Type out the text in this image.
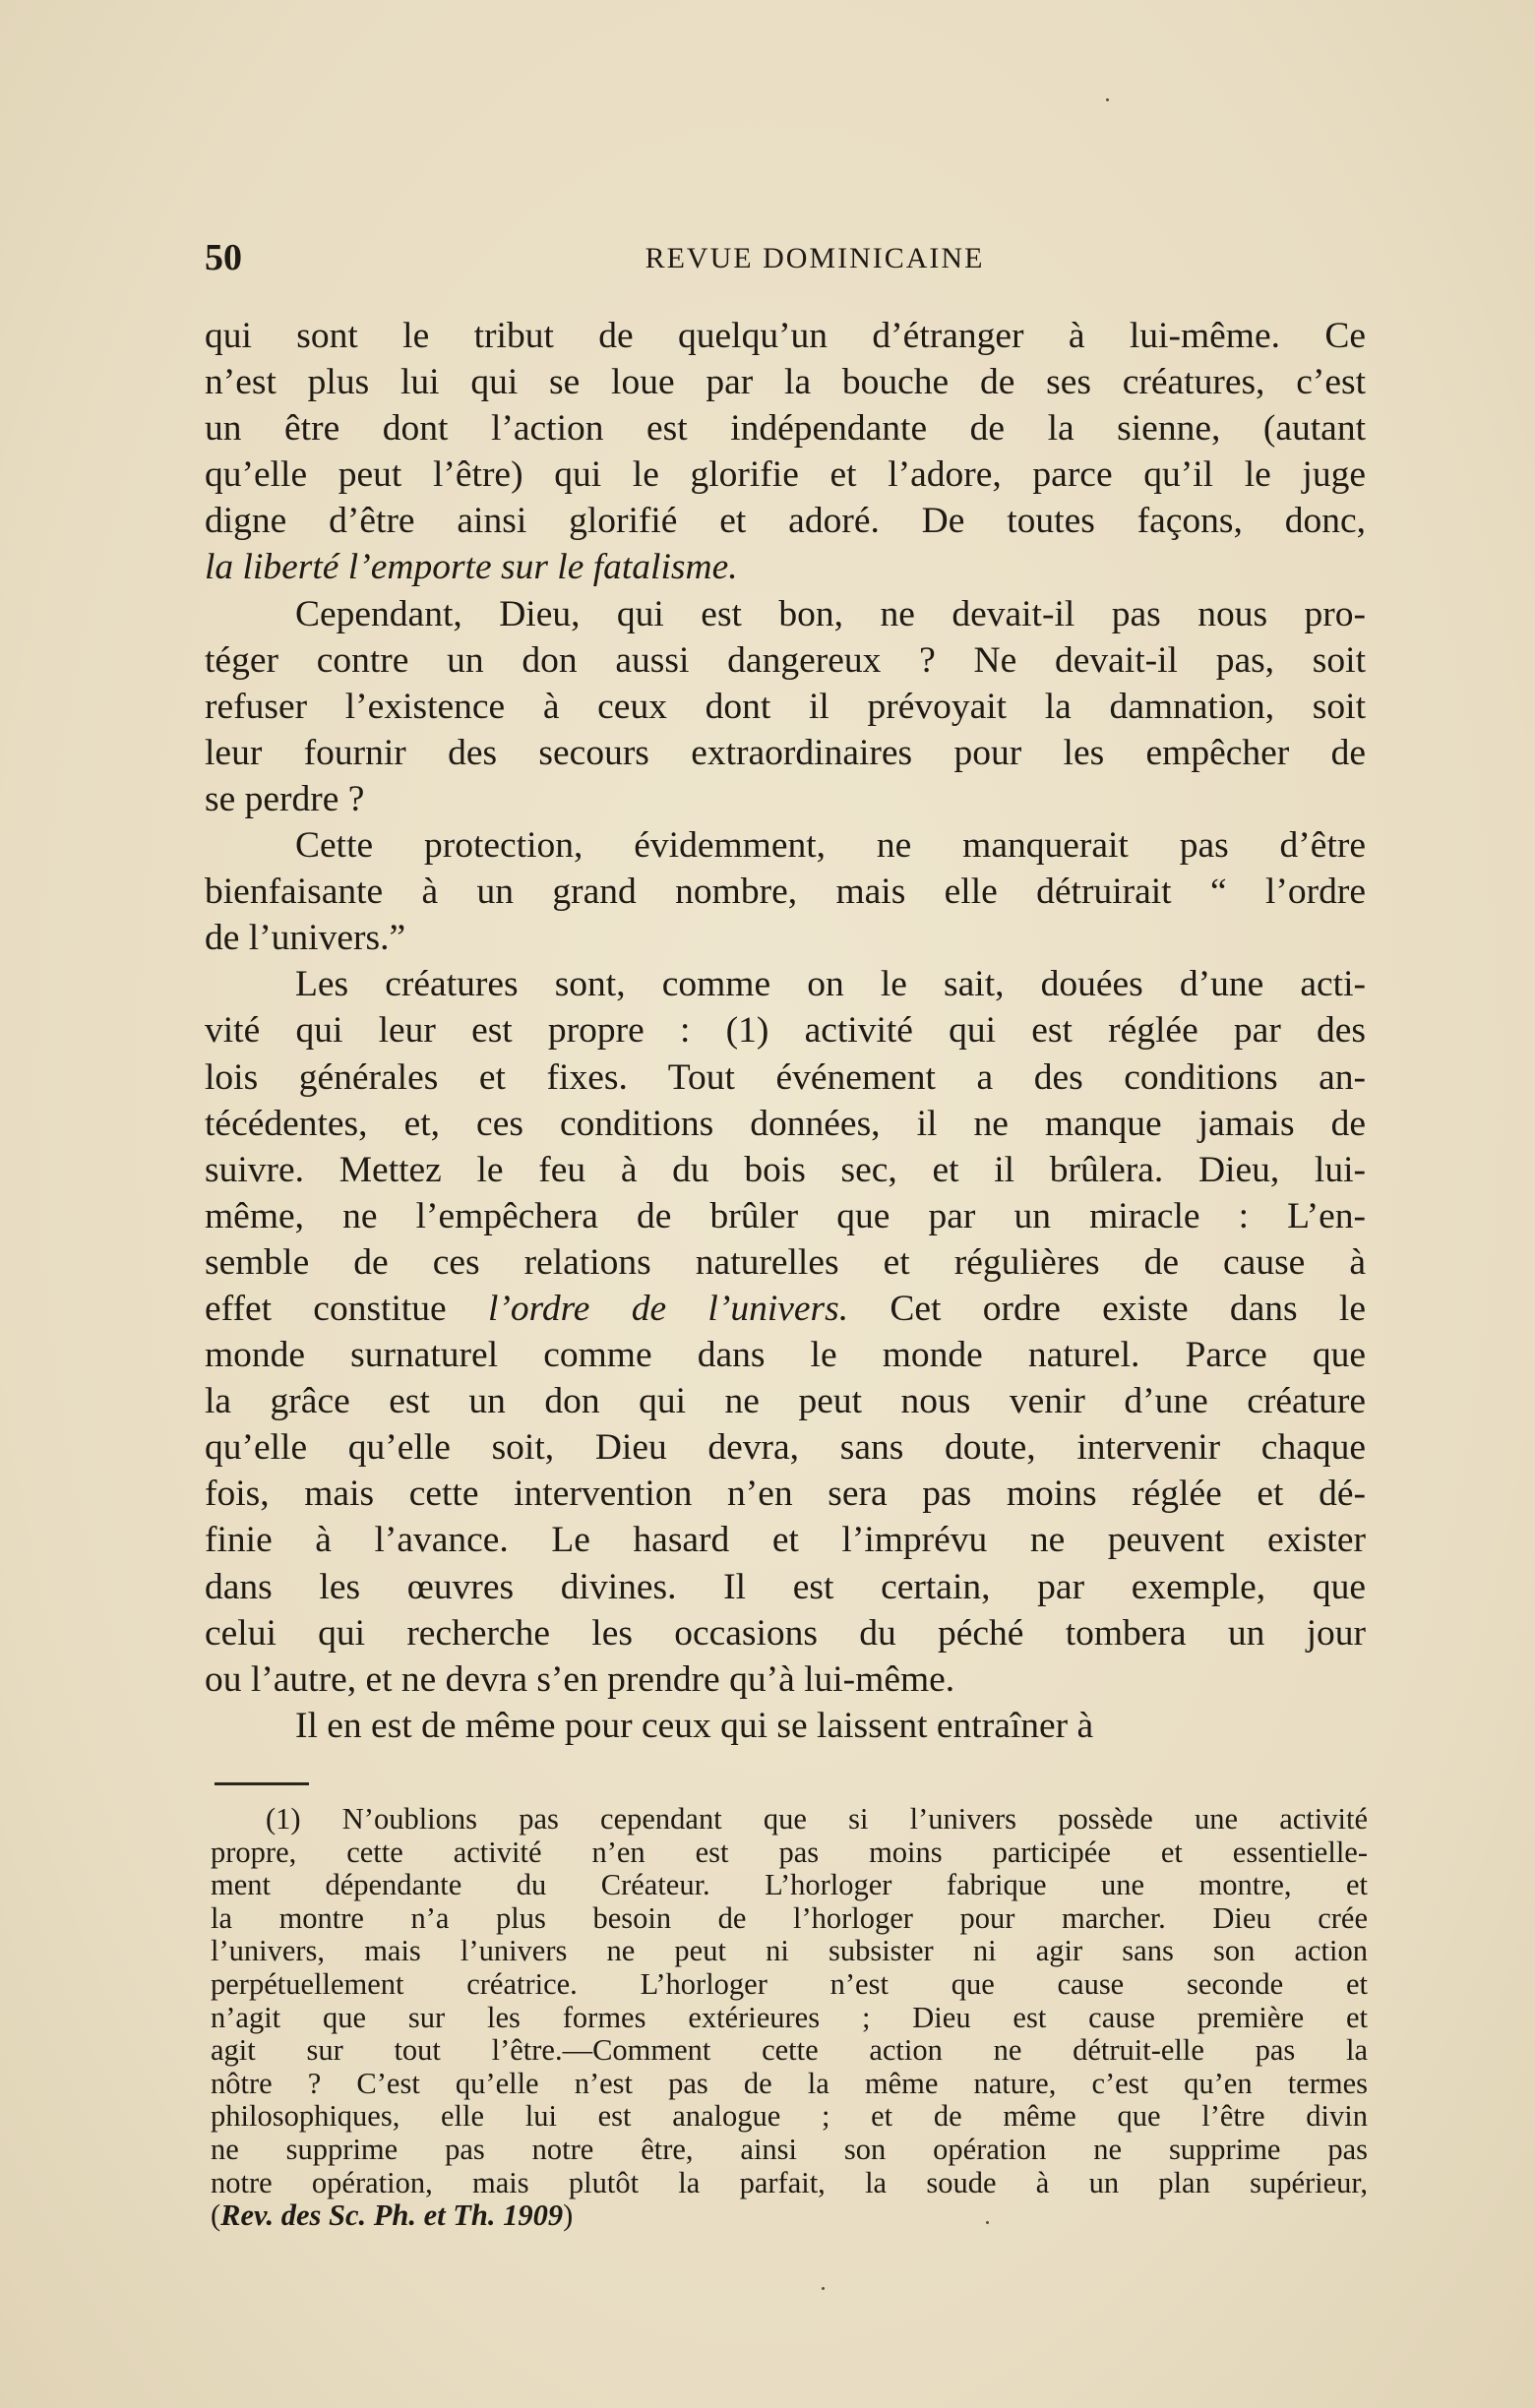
50	REVUE DOMINICAINE
qui sont le tribut de quelqu’un d’étranger à lui-même. Ce
n’est plus lui qui se loue par la bouche de ses créatures, c’est
un être dont l’action est indépendante de la sienne, (autant
qu’elle peut l’être) qui le glorifie et l’adore, parce qu’il le juge
digne d’être ainsi glorifié et adoré. De toutes façons, donc,
la liberté l’emporte sur le fatalisme.
Cependant, Dieu, qui est bon, ne devait-il pas nous pro-
téger contre un don aussi dangereux ? Ne devait-il pas, soit
refuser l’existence à ceux dont il prévoyait la damnation, soit
leur fournir des secours extraordinaires pour les empêcher de
se perdre ?
Cette protection, évidemment, ne manquerait pas d’être
bienfaisante à un grand nombre, mais elle détruirait “ l’ordre
de l’univers.”
Les créatures sont, comme on le sait, douées d’une acti-
vité qui leur est propre : (1) activité qui est réglée par des
lois générales et fixes. Tout événement a des conditions an-
técédentes, et, ces conditions données, il ne manque jamais de
suivre. Mettez le feu à du bois sec, et il brûlera. Dieu, lui-
même, ne l’empêchera de brûler que par un miracle : L’en-
semble de ces relations naturelles et régulières de cause à
effet constitue l’ordre de l’univers. Cet ordre existe dans le
monde surnaturel comme dans le monde naturel. Parce que
la grâce est un don qui ne peut nous venir d’une créature
qu’elle qu’elle soit, Dieu devra, sans doute, intervenir chaque
fois, mais cette intervention n’en sera pas moins réglée et dé-
finie à l’avance. Le hasard et l’imprévu ne peuvent exister
dans les œuvres divines. Il est certain, par exemple, que
celui qui recherche les occasions du péché tombera un jour
ou l’autre, et ne devra s’en prendre qu’à lui-même.
Il en est de même pour ceux qui se laissent entraîner à
(1) N’oublions pas cependant que si l’univers possède une activité
propre, cette activité n’en est pas moins participée et essentielle-
ment dépendante du Créateur. L’horloger fabrique une montre, et
la montre n’a plus besoin de l’horloger pour marcher. Dieu crée
l’univers, mais l’univers ne peut ni subsister ni agir sans son action
perpétuellement créatrice. L’horloger n’est que cause seconde et
n’agit que sur les formes extérieures ; Dieu est cause première et
agit sur tout l’être.—Comment cette action ne détruit-elle pas la
nôtre ? C’est qu’elle n’est pas de la même nature, c’est qu’en termes
philosophiques, elle lui est analogue ; et de même que l’être divin
ne supprime pas notre être, ainsi son opération ne supprime pas
notre opération, mais plutôt la parfait, la soude à un plan supérieur,
(Rev. des Sc. Ph. et Th. 1909)
